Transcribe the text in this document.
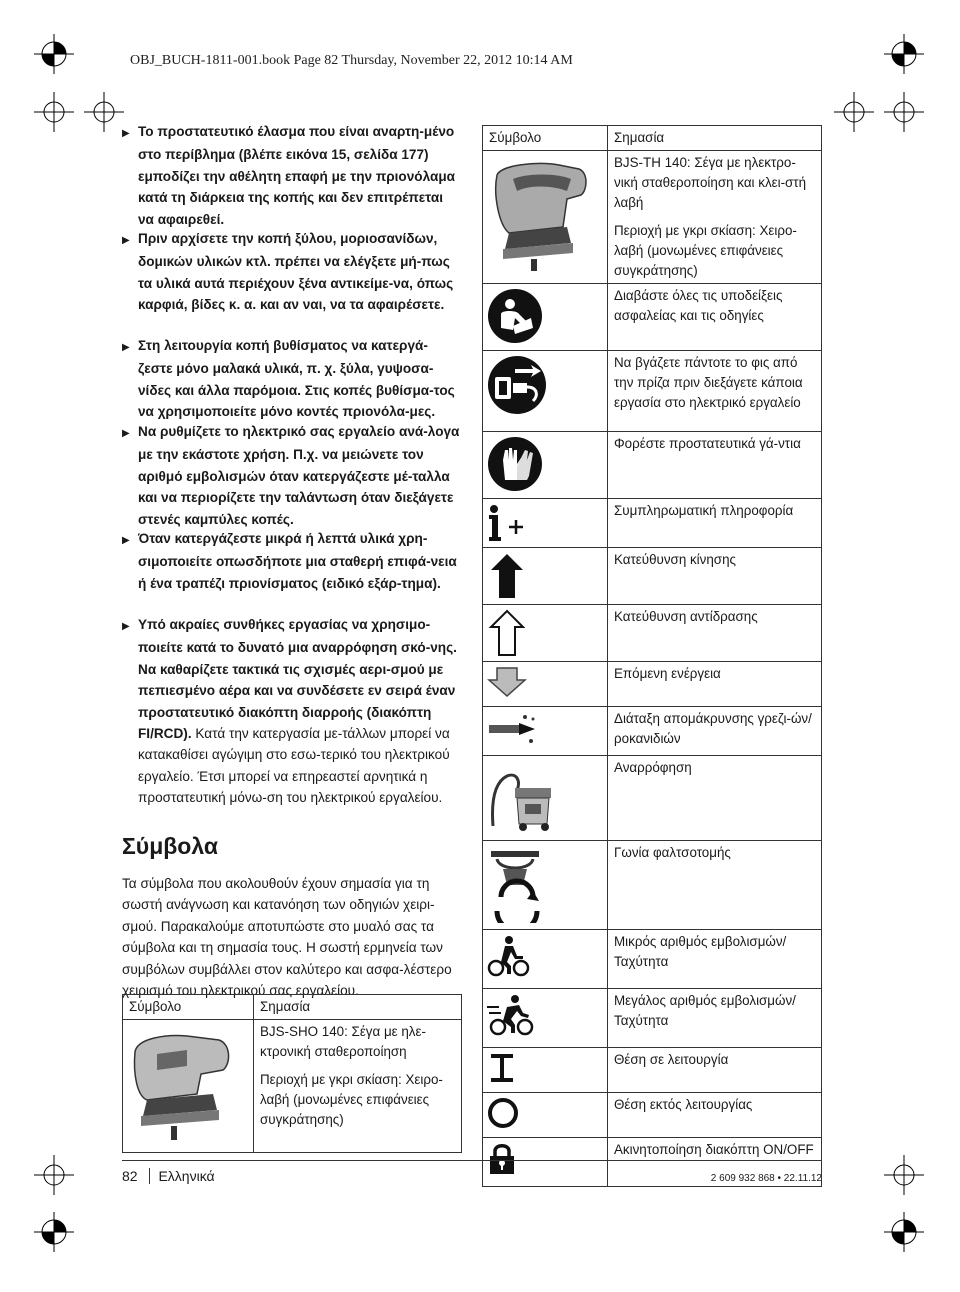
OBJ_BUCH-1811-001.book Page 82 Thursday, November 22, 2012 10:14 AM

▶ Το προστατευτικό έλασμα που είναι αναρτη-μένο στο περίβλημα (βλέπε εικόνα 15, σελίδα 177) εμποδίζει την αθέλητη επαφή με την πριονόλαμα κατά τη διάρκεια της κοπής και δεν επιτρέπεται να αφαιρεθεί.

▶ Πριν αρχίσετε την κοπή ξύλου, μοριοσανίδων, δομικών υλικών κτλ. πρέπει να ελέγξετε μή-πως τα υλικά αυτά περιέχουν ξένα αντικείμε-να, όπως καρφιά, βίδες κ. α. και αν ναι, να τα αφαιρέσετε.

▶ Στη λειτουργία κοπή βυθίσματος να κατεργά-ζεστε μόνο μαλακά υλικά, π. χ. ξύλα, γυψοσα-νίδες και άλλα παρόμοια. Στις κοπές βυθίσμα-τος να χρησιμοποιείτε μόνο κοντές πριονόλα-μες.

▶ Να ρυθμίζετε το ηλεκτρικό σας εργαλείο ανά-λογα με την εκάστοτε χρήση. Π.χ. να μειώνετε τον αριθμό εμβολισμών όταν κατεργάζεστε μέ-ταλλα και να περιορίζετε την ταλάντωση όταν διεξάγετε στενές καμπύλες κοπές.

▶ Όταν κατεργάζεστε μικρά ή λεπτά υλικά χρη-σιμοποιείτε οπωσδήποτε μια σταθερή επιφά-νεια ή ένα τραπέζι πριονίσματος (ειδικό εξάρ-τημα).

▶ Υπό ακραίες συνθήκες εργασίας να χρησιμο-ποιείτε κατά το δυνατό μια αναρρόφηση σκό-νης. Να καθαρίζετε τακτικά τις σχισμές αερι-σμού με πεπιεσμένο αέρα και να συνδέσετε εν σειρά έναν προστατευτικό διακόπτη διαρροής (διακόπτη FI/RCD). Κατά την κατεργασία με-τάλλων μπορεί να κατακαθίσει αγώγιμη στο εσω-τερικό του ηλεκτρικού εργαλείο. Έτσι μπορεί να επηρεαστεί αρνητικά η προστατευτική μόνω-ση του ηλεκτρικού εργαλείου.

Σύμβολα
Τα σύμβολα που ακολουθούν έχουν σημασία για τη σωστή ανάγνωση και κατανόηση των οδηγιών χειρι-σμού. Παρακαλούμε αποτυπώστε στο μυαλό σας τα σύμβολα και τη σημασία τους. Η σωστή ερμηνεία των συμβόλων συμβάλλει στον καλύτερο και ασφα-λέστερο χειρισμό του ηλεκτρικού σας εργαλείου.
Σύμβολο	Σημασία

BJS-SHO 140: Σέγα με ηλε-κτρονική σταθεροποίηση
Περιοχή με γκρι σκίαση: Χειρο-λαβή (μονωμένες επιφάνειες συγκράτησης)
Σύμβολο	Σημασία

BJS-TH 140: Σέγα με ηλεκτρο-νική σταθεροποίηση και κλει-στή λαβή
Περιοχή με γκρι σκίαση: Χειρο-λαβή (μονωμένες επιφάνειες συγκράτησης)

	Διαβάστε όλες τις υποδείξεις ασφαλείας και τις οδηγίες

	Να βγάζετε πάντοτε το φις από την πρίζα πριν διεξάγετε κάποια εργασία στο ηλεκτρικό εργαλείο

	Φορέστε προστατευτικά γά-ντια

	Συμπληρωματική πληροφορία

	Κατεύθυνση κίνησης

	Κατεύθυνση αντίδρασης

	Επόμενη ενέργεια

	Διάταξη απομάκρυνσης γρεζι-ών/ροκανιδιών

	Αναρρόφηση

	Γωνία φαλτσοτομής

	Μικρός αριθμός εμβολισμών/ Ταχύτητα

	Μεγάλος αριθμός εμβολισμών/ Ταχύτητα

	Θέση σε λειτουργία

	Θέση εκτός λειτουργίας

	Ακινητοποίηση διακόπτη ON/OFF
82 Ελληνικά	2 609 932 868 • 22.11.12
